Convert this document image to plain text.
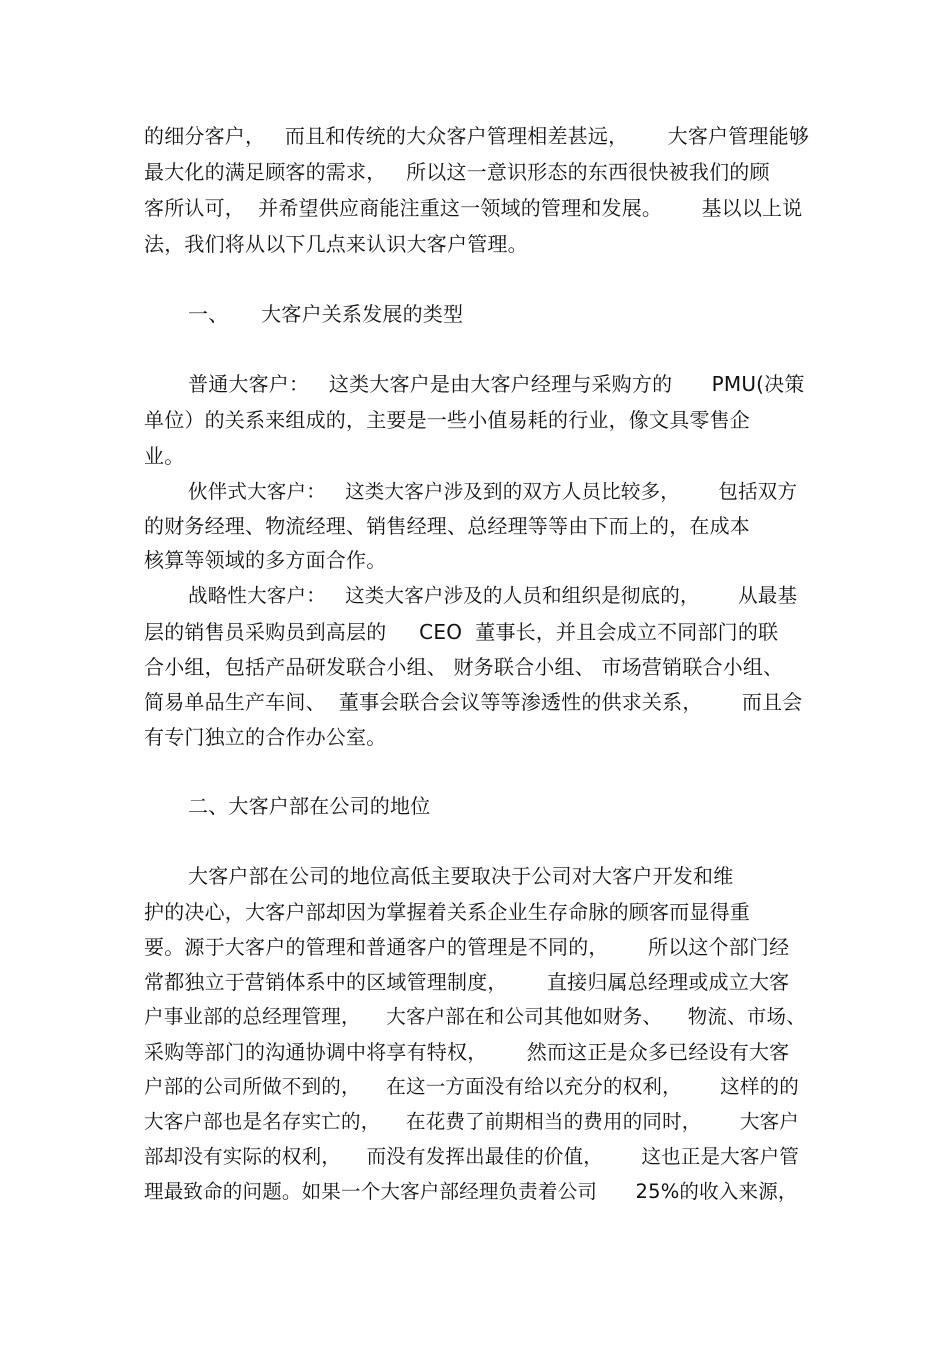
的细分客户，   而且和传统的大众客户管理相差甚远，      大客户管理能够
最大化的满足顾客的需求，   所以这一意识形态的东西很快被我们的顾
客所认可，  并希望供应商能注重这一领域的管理和发展。      基以以上说
法，我们将从以下几点来认识大客户管理。
一、     大客户关系发展的类型
普通大客户：   这类大客户是由大客户经理与采购方的      PMU(决策
单位）的关系来组成的，主要是一些小值易耗的行业，像文具零售企
业。
伙伴式大客户：   这类大客户涉及到的双方人员比较多，      包括双方
的财务经理、物流经理、销售经理、总经理等等由下而上的，在成本
核算等领域的多方面合作。
战略性大客户：   这类大客户涉及的人员和组织是彻底的，      从最基
层的销售员采购员到高层的     CEO  董事长，并且会成立不同部门的联
合小组，包括产品研发联合小组、 财务联合小组、 市场营销联合小组、
简易单品生产车间、  董事会联合会议等等渗透性的供求关系，      而且会
有专门独立的合作办公室。
二、大客户部在公司的地位
大客户部在公司的地位高低主要取决于公司对大客户开发和维
护的决心，大客户部却因为掌握着关系企业生存命脉的顾客而显得重
要。源于大客户的管理和普通客户的管理是不同的，      所以这个部门经
常都独立于营销体系中的区域管理制度，      直接归属总经理或成立大客
户事业部的总经理管理，    大客户部在和公司其他如财务、    物流、市场、
采购等部门的沟通协调中将享有特权，      然而这正是众多已经设有大客
户部的公司所做不到的，    在这一方面没有给以充分的权利，      这样的的
大客户部也是名存实亡的，    在花费了前期相当的费用的同时，      大客户
部却没有实际的权利，    而没有发挥出最佳的价值，      这也正是大客户管
理最致命的问题。如果一个大客户部经理负责着公司      25%的收入来源，
